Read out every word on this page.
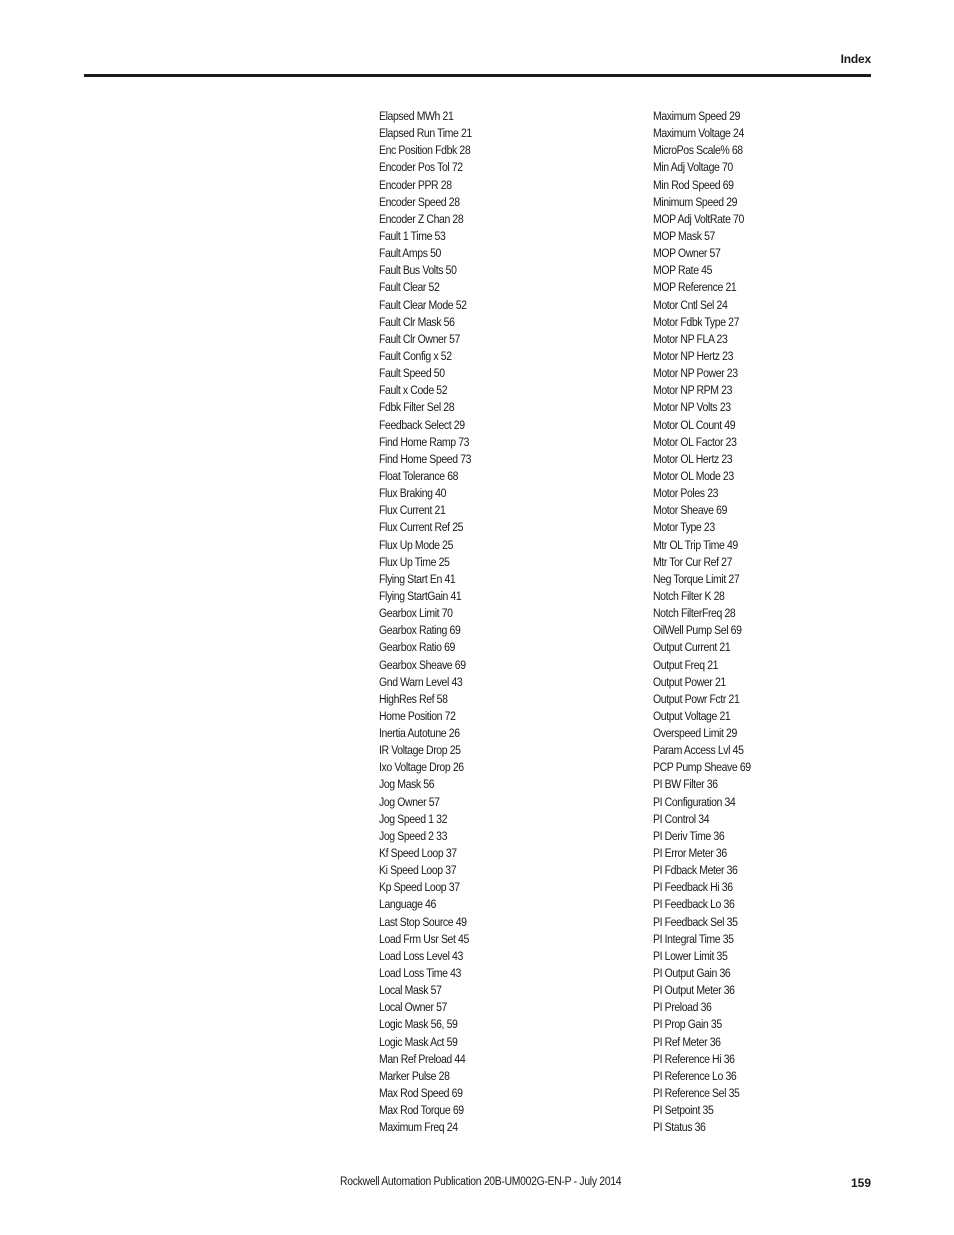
Index
Elapsed MWh 21
Elapsed Run Time 21
Enc Position Fdbk 28
Encoder Pos Tol 72
Encoder PPR 28
Encoder Speed 28
Encoder Z Chan 28
Fault 1 Time 53
Fault Amps 50
Fault Bus Volts 50
Fault Clear 52
Fault Clear Mode 52
Fault Clr Mask 56
Fault Clr Owner 57
Fault Config x 52
Fault Speed 50
Fault x Code 52
Fdbk Filter Sel 28
Feedback Select 29
Find Home Ramp 73
Find Home Speed 73
Float Tolerance 68
Flux Braking 40
Flux Current 21
Flux Current Ref 25
Flux Up Mode 25
Flux Up Time 25
Flying Start En 41
Flying StartGain 41
Gearbox Limit 70
Gearbox Rating 69
Gearbox Ratio 69
Gearbox Sheave 69
Gnd Warn Level 43
HighRes Ref 58
Home Position 72
Inertia Autotune 26
IR Voltage Drop 25
Ixo Voltage Drop 26
Jog Mask 56
Jog Owner 57
Jog Speed 1 32
Jog Speed 2 33
Kf Speed Loop 37
Ki Speed Loop 37
Kp Speed Loop 37
Language 46
Last Stop Source 49
Load Frm Usr Set 45
Load Loss Level 43
Load Loss Time 43
Local Mask 57
Local Owner 57
Logic Mask 56, 59
Logic Mask Act 59
Man Ref Preload 44
Marker Pulse 28
Max Rod Speed 69
Max Rod Torque 69
Maximum Freq 24
Maximum Speed 29
Maximum Voltage 24
MicroPos Scale% 68
Min Adj Voltage 70
Min Rod Speed 69
Minimum Speed 29
MOP Adj VoltRate 70
MOP Mask 57
MOP Owner 57
MOP Rate 45
MOP Reference 21
Motor Cntl Sel 24
Motor Fdbk Type 27
Motor NP FLA 23
Motor NP Hertz 23
Motor NP Power 23
Motor NP RPM 23
Motor NP Volts 23
Motor OL Count 49
Motor OL Factor 23
Motor OL Hertz 23
Motor OL Mode 23
Motor Poles 23
Motor Sheave 69
Motor Type 23
Mtr OL Trip Time 49
Mtr Tor Cur Ref 27
Neg Torque Limit 27
Notch Filter K 28
Notch FilterFreq 28
OilWell Pump Sel 69
Output Current 21
Output Freq 21
Output Power 21
Output Powr Fctr 21
Output Voltage 21
Overspeed Limit 29
Param Access Lvl 45
PCP Pump Sheave 69
PI BW Filter 36
PI Configuration 34
PI Control 34
PI Deriv Time 36
PI Error Meter 36
PI Fdback Meter 36
PI Feedback Hi 36
PI Feedback Lo 36
PI Feedback Sel 35
PI Integral Time 35
PI Lower Limit 35
PI Output Gain 36
PI Output Meter 36
PI Preload 36
PI Prop Gain 35
PI Ref Meter 36
PI Reference Hi 36
PI Reference Lo 36
PI Reference Sel 35
PI Setpoint 35
PI Status 36
Rockwell Automation Publication 20B-UM002G-EN-P - July 2014	159
